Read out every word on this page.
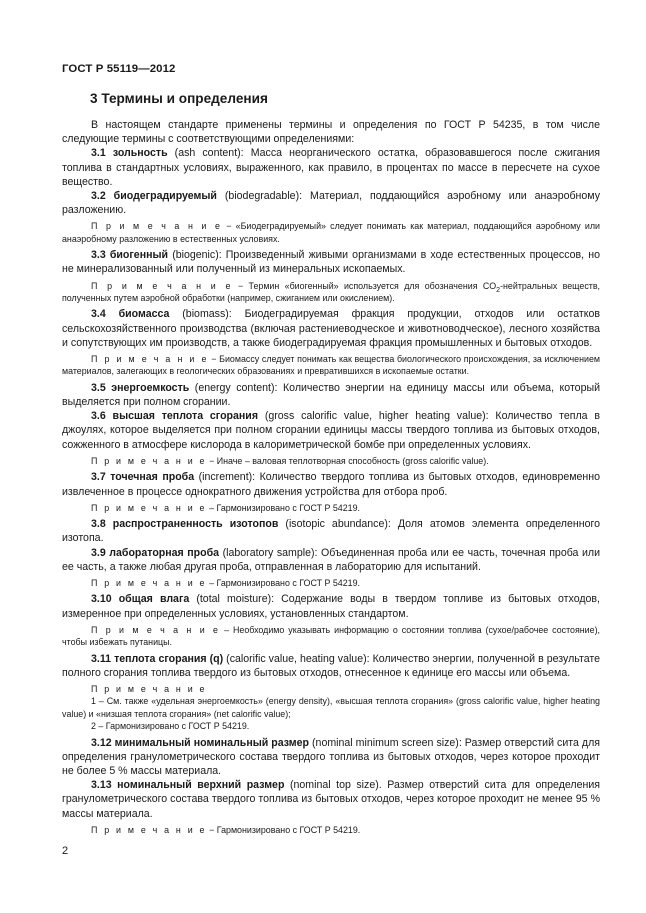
ГОСТ Р 55119—2012
3 Термины и определения

В настоящем стандарте применены термины и определения по ГОСТ Р 54235, в том числе следующие термины с соответствующими определениями:

3.1 зольность (ash content): Масса неорганического остатка, образовавшегося после сжигания топлива в стандартных условиях, выраженного, как правило, в процентах по массе в пересчете на сухое вещество.

3.2 биодеградируемый (biodegradable): Материал, поддающийся аэробному или анаэробному разложению.

П р и м е ч а н и е − «Биодеградируемый» следует понимать как материал, поддающийся аэробному или анаэробному разложению в естественных условиях.

3.3 биогенный (biogenic): Произведенный живыми организмами в ходе естественных процессов, но не минерализованный или полученный из минеральных ископаемых.

П р и м е ч а н и е − Термин «биогенный» используется для обозначения $CO_2$-нейтральных веществ, полученных путем аэробной обработки (например, сжиганием или окислением).

3.4 биомасса (biomass): Биодеградируемая фракция продукции, отходов или остатков сельскохозяйственного производства (включая растениеводческое и животноводческое), лесного хозяйства и сопутствующих им производств, а также биодеградируемая фракция промышленных и бытовых отходов.

П р и м е ч а н и е − Биомассу следует понимать как вещества биологического происхождения, за исключением материалов, залегающих в геологических образованиях и превратившихся в ископаемые остатки.

3.5 энергоемкость (energy content): Количество энергии на единицу массы или объема, который выделяется при полном сгорании.

3.6 высшая теплота сгорания (gross calorific value, higher heating value): Количество тепла в джоулях, которое выделяется при полном сгорании единицы массы твердого топлива из бытовых отходов, сожженного в атмосфере кислорода в калориметрической бомбе при определенных условиях.

П р и м е ч а н и е − Иначе – валовая теплотворная способность (gross calorific value).

3.7 точечная проба (increment): Количество твердого топлива из бытовых отходов, единовременно извлеченное в процессе однократного движения устройства для отбора проб.

П р и м е ч а н и е – Гармонизировано с ГОСТ Р 54219.

3.8 распространенность изотопов (isotopic abundance): Доля атомов элемента определенного изотопа.

3.9 лабораторная проба (laboratory sample): Объединенная проба или ее часть, точечная проба или ее часть, а также любая другая проба, отправленная в лабораторию для испытаний.

П р и м е ч а н и е – Гармонизировано с ГОСТ Р 54219.

3.10 общая влага (total moisture): Содержание воды в твердом топливе из бытовых отходов, измеренное при определенных условиях, установленных стандартом.

П р и м е ч а н и е – Необходимо указывать информацию о состоянии топлива (сухое/рабочее состояние), чтобы избежать путаницы.

3.11 теплота сгорания (q) (calorific value, heating value): Количество энергии, полученной в результате полного сгорания топлива твердого из бытовых отходов, отнесенное к единице его массы или объема.

П р и м е ч а н и е

1 – См. также «удельная энергоемкость» (energy density), «высшая теплота сгорания» (gross calorific value, higher heating value) и «низшая теплота сгорания» (net calorific value);

2 – Гармонизировано с ГОСТ Р 54219.

3.12 минимальный номинальный размер (nominal minimum screen size): Размер отверстий сита для определения гранулометрического состава твердого топлива из бытовых отходов, через которое проходит не более 5 % массы материала.

3.13 номинальный верхний размер (nominal top size). Размер отверстий сита для определения гранулометрического состава твердого топлива из бытовых отходов, через которое проходит не менее 95 % массы материала.

П р и м е ч а н и е − Гармонизировано с ГОСТ Р 54219.

2
